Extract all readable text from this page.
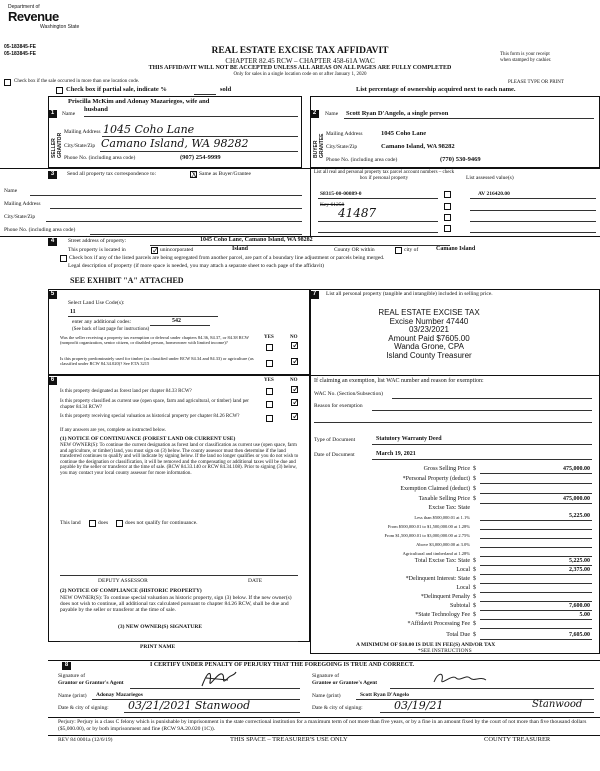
Department of
Revenue
Washington State
05-183845-FE
05-183845-FE	REAL ESTATE EXCISE TAX AFFIDAVIT
CHAPTER 82.45 RCW – CHAPTER 458-61A WAC
THIS AFFIDAVIT WILL NOT BE ACCEPTED UNLESS ALL AREAS ON ALL PAGES ARE FULLY COMPLETED
Only for sales in a single location code on or after January 1, 2020
This form is your receipt
when stamped by cashier.
PLEASE TYPE OR PRINT
Check box if the sale occurred in more than one location code.
Check box if partial sale, indicate %	sold	List percentage of ownership acquired next to each name.
1	2
SELLER GRANTOR	BUYER GRANTEE
Priscilla McKim and Adonay Mazariegos, wife and
Name
husband
Mailing Address 1045 Coho Lane
City/State/Zip Camano Island, WA 98282
Phone No. (including area code)	(907) 254-9999
Name Scott Ryan D'Angelo, a single person
Mailing Address	1045 Coho Lane
City/State/Zip	Camano Island, WA 98282
Phone No. (including area code)	(770) 530-9469
3	Send all property tax correspondence to:	X Same as Buyer/Grantee
Name
Mailing Address
City/State/Zip
Phone No. (including area code)
List all real and personal property tax parcel account numbers – check box if personal property	List assessed value(s)
S8315-00-00089-0	AV 216420.00
Key 61258
41487
4	Street address of property:	1045 Coho Lane, Camano Island, WA 98282
This property is located in	✓ unincorporated	Island	County OR within	city of	Camano Island
Check box if any of the listed parcels are being segregated from another parcel, are part of a boundary line adjustment or parcels being merged.
Legal description of property (if more space is needed, you may attach a separate sheet to each page of the affidavit)
SEE EXHIBIT "A" ATTACHED
5
Select Land Use Code(s):
11
enter any additional codes:	542
(See back of last page for instructions)
YES	NO
Was the seller receiving a property tax exemption or deferral under chapters 84.36, 84.37, or 84.38 RCW (nonprofit organization, senior citizen, or disabled person, homeowner with limited income)?	✓
Is this property predominately used for timber (as classified under RCW 84.34 and 84.33) or agriculture (as classified under RCW 84.34.020)? See ETA 3215	✓
6	YES	NO
Is this property designated as forest land per chapter 84.33 RCW?	✓
Is this property classified as current use (open space, farm and agricultural, or timber) land per chapter 84.34 RCW?	✓
Is this property receiving special valuation as historical property per chapter 84.26 RCW?	✓
If any answers are yes, complete as instructed below.
(1) NOTICE OF CONTINUANCE (FOREST LAND OR CURRENT USE)
NEW OWNER(S): To continue the current designation as forest land or classification as current use (open space, farm and agriculture, or timber) land, you must sign on (3) below. The county assessor must then determine if the land transferred continues to qualify and will indicate by signing below. If the land no longer qualifies or you do not wish to continue the designation or classification, it will be removed and the compensating or additional taxes will be due and payable by the seller or transferor at the time of sale. (RCW 84.33.140 or RCW 84.34.108). Prior to signing (3) below, you may contact your local county assessor for more information.
This land	does	does not qualify for continuance.
DEPUTY ASSESSOR	DATE
(2) NOTICE OF COMPLIANCE (HISTORIC PROPERTY)
NEW OWNER(S): To continue special valuation as historic property, sign (3) below. If the new owner(s) does not wish to continue, all additional tax calculated pursuant to chapter 84.26 RCW, shall be due and payable by the seller or transferor at the time of sale.
(3) NEW OWNER(S) SIGNATURE
PRINT NAME
7	List all personal property (tangible and intangible) included in selling price.
REAL ESTATE EXCISE TAX
Excise Number 47440
03/23/2021
Amount Paid $7605.00
Wanda Grone, CPA
Island County Treasurer
If claiming an exemption, list WAC number and reason for exemption:
WAC No. (Section/Subsection)
Reason for exemption
Type of Document	Statutory Warranty Deed
Date of Document	March 19, 2021
Gross Selling Price $	475,000.00
*Personal Property (deduct) $
Exemption Claimed (deduct) $
Taxable Selling Price $	475,000.00
Excise Tax: State
Less than $500,000.01 at 1.1%	5,225.00
From $500,000.01 to $1,500,000.00 at 1.28%
From $1,500,000.01 to $3,000,000.00 at 2.75%
Above $3,000,000.00 at 3.0%
Agricultural and timberland at 1.28%
Total Excise Tax: State $	5,225.00
Local $	2,375.00
*Delinquent Interest: State $
Local $
*Delinquent Penalty $
Subtotal $	7,600.00
*State Technology Fee $	5.00
*Affidavit Processing Fee $
Total Due $	7,605.00
A MINIMUM OF $10.00 IS DUE IN FEE(S) AND/OR TAX
*SEE INSTRUCTIONS
8	I CERTIFY UNDER PENALTY OF PERJURY THAT THE FOREGOING IS TRUE AND CORRECT.
Signature of
Grantor or Grantor's Agent
Signature of
Grantee or Grantee's Agent
Name (print) Adonay Mazariegos	Name (print)	Scott Ryan D'Angelo
Date & city of signing: 03/21/2021 Stanwood	Date & city of signing:	03/19/21	Stanwood
Perjury: Perjury is a class C felony which is punishable by imprisonment in the state correctional institution for a maximum term of not more than five years, or by a fine in an amount fixed by the court of not more than five thousand dollars ($5,000.00), or by both imprisonment and fine (RCW 9A.20.020 (1C)).
REV 84 0001a (12/6/19)	THIS SPACE – TREASURER'S USE ONLY	COUNTY TREASURER
